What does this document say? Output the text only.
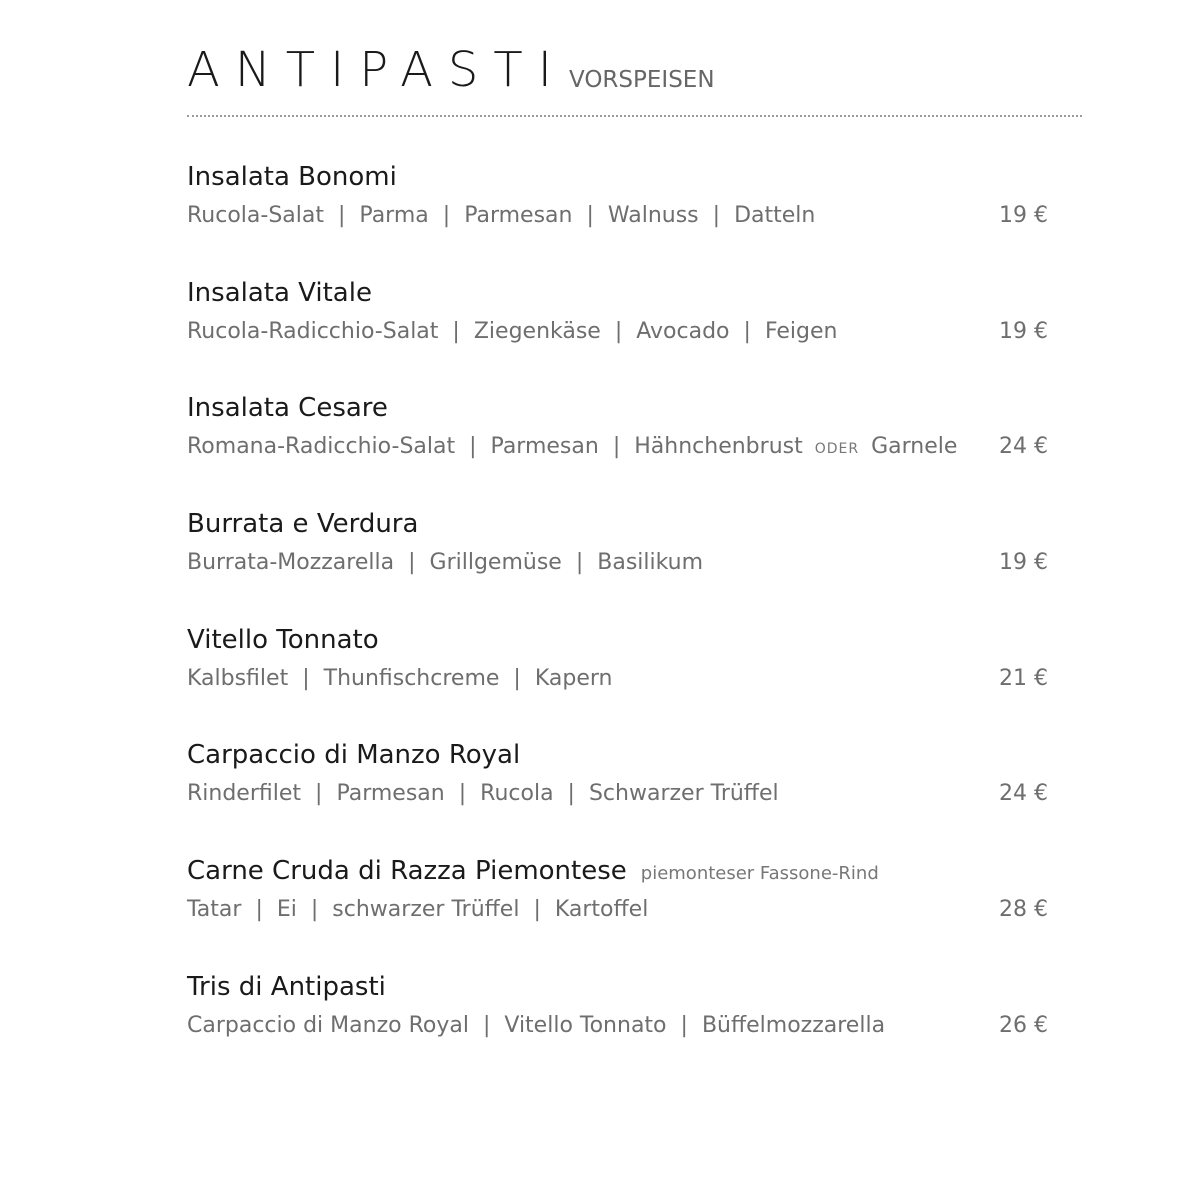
ANTIPASTI VORSPEISEN
Insalata Bonomi
Rucola-Salat | Parma | Parmesan | Walnuss | Datteln	19 €
Insalata Vitale
Rucola-Radicchio-Salat | Ziegenkäse | Avocado | Feigen	19 €
Insalata Cesare
Romana-Radicchio-Salat | Parmesan | Hähnchenbrust ODER Garnele 24 €
Burrata e Verdura
Burrata-Mozzarella | Grillgemüse | Basilikum	19 €
Vitello Tonnato
Kalbsfilet | Thunfischcreme | Kapern	21 €
Carpaccio di Manzo Royal
Rinderfilet | Parmesan | Rucola | Schwarzer Trüffel	24 €
Carne Cruda di Razza Piemontese piemonteser Fassone-Rind
Tatar | Ei | schwarzer Trüffel | Kartoffel	28 €
Tris di Antipasti
Carpaccio di Manzo Royal | Vitello Tonnato | Büffelmozzarella	26 €
